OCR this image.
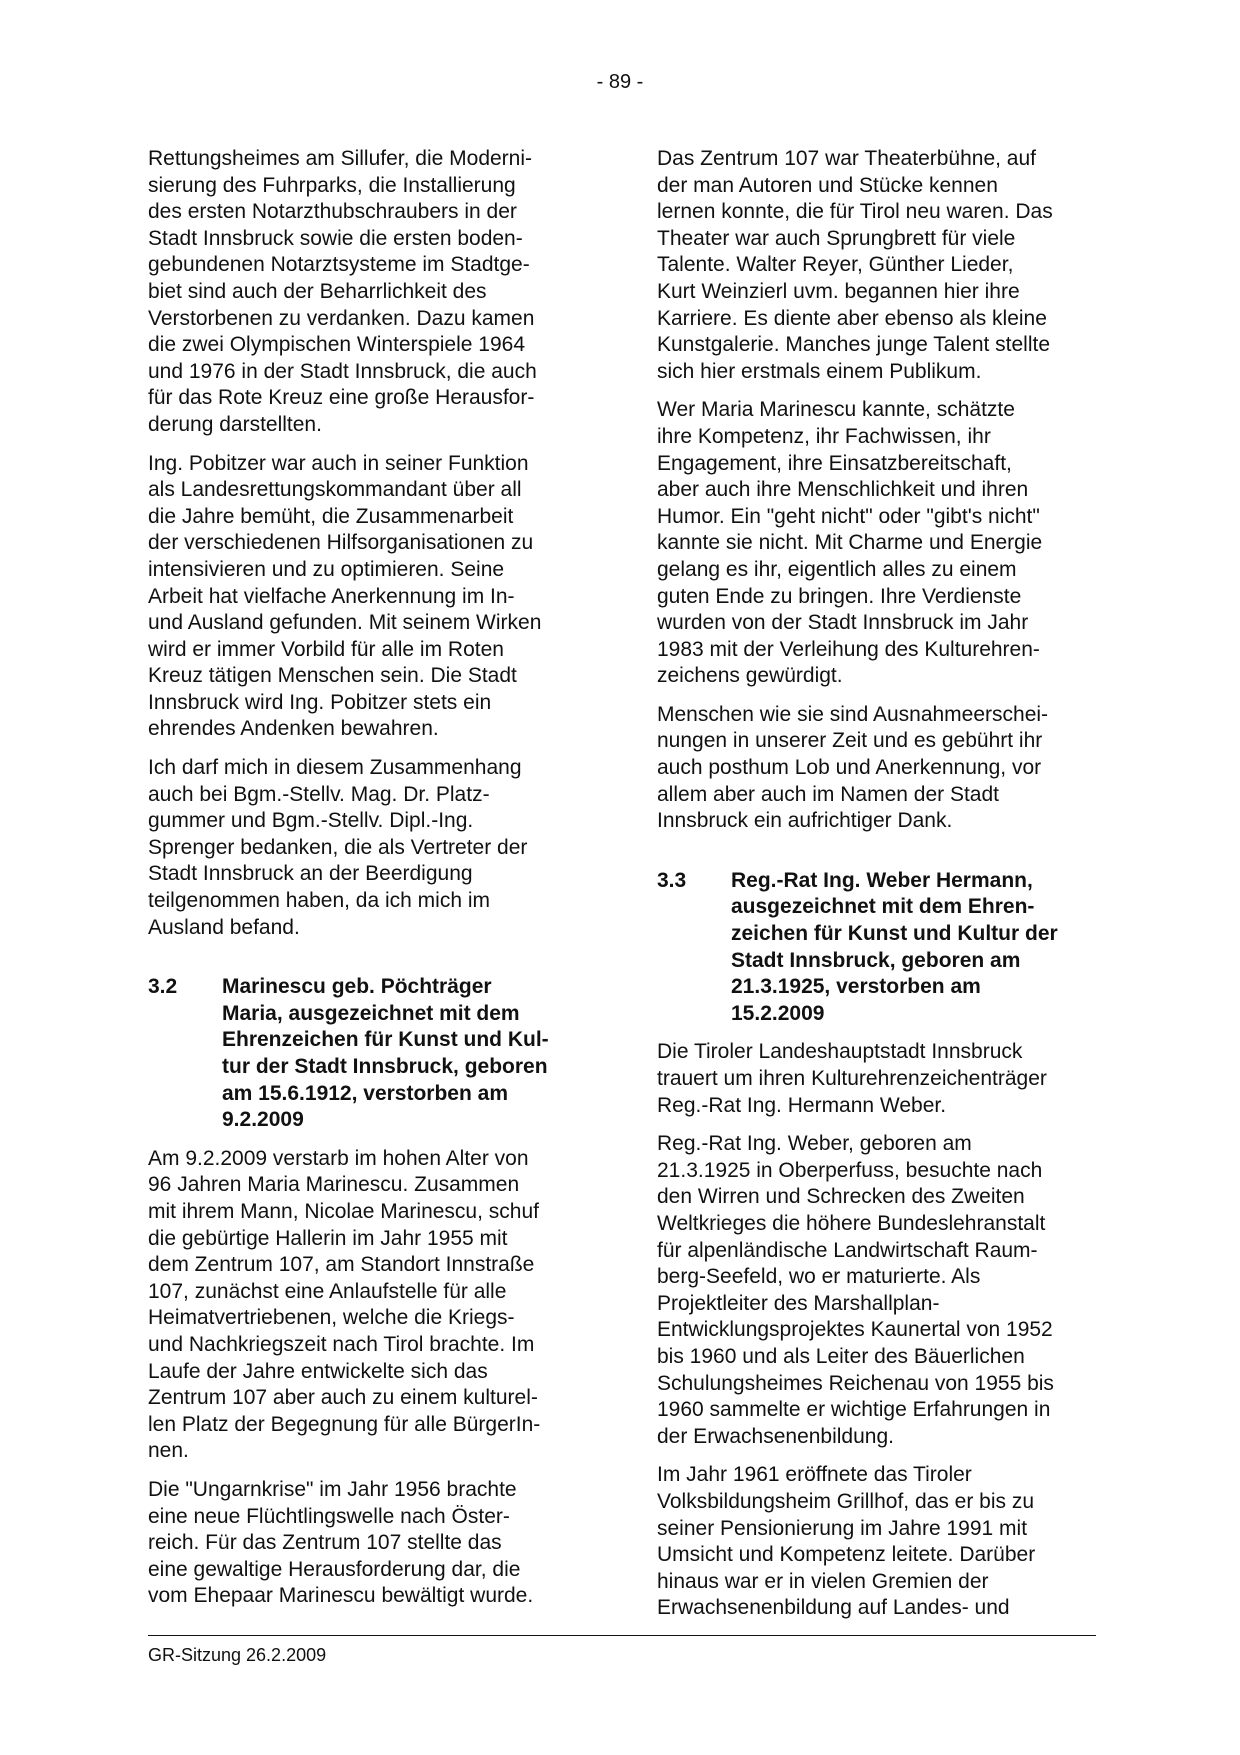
- 89 -

Rettungsheimes am Sillufer, die Moderni-
sierung des Fuhrparks, die Installierung
des ersten Notarzthubschraubers in der
Stadt Innsbruck sowie die ersten boden-
gebundenen Notarztsysteme im Stadtge-
biet sind auch der Beharrlichkeit des
Verstorbenen zu verdanken. Dazu kamen
die zwei Olympischen Winterspiele 1964
und 1976 in der Stadt Innsbruck, die auch
für das Rote Kreuz eine große Herausfor-
derung darstellten.

Ing. Pobitzer war auch in seiner Funktion
als Landesrettungskommandant über all
die Jahre bemüht, die Zusammenarbeit
der verschiedenen Hilfsorganisationen zu
intensivieren und zu optimieren. Seine
Arbeit hat vielfache Anerkennung im In-
und Ausland gefunden. Mit seinem Wirken
wird er immer Vorbild für alle im Roten
Kreuz tätigen Menschen sein. Die Stadt
Innsbruck wird Ing. Pobitzer stets ein
ehrendes Andenken bewahren.

Ich darf mich in diesem Zusammenhang
auch bei Bgm.-Stellv. Mag. Dr. Platz-
gummer und Bgm.-Stellv. Dipl.-Ing.
Sprenger bedanken, die als Vertreter der
Stadt Innsbruck an der Beerdigung
teilgenommen haben, da ich mich im
Ausland befand.

3.2	Marinescu geb. Pöchträger
Maria, ausgezeichnet mit dem
Ehrenzeichen für Kunst und Kul-
tur der Stadt Innsbruck, geboren
am 15.6.1912, verstorben am
9.2.2009

Am 9.2.2009 verstarb im hohen Alter von
96 Jahren Maria Marinescu. Zusammen
mit ihrem Mann, Nicolae Marinescu, schuf
die gebürtige Hallerin im Jahr 1955 mit
dem Zentrum 107, am Standort Innstraße
107, zunächst eine Anlaufstelle für alle
Heimatvertriebenen, welche die Kriegs-
und Nachkriegszeit nach Tirol brachte. Im
Laufe der Jahre entwickelte sich das
Zentrum 107 aber auch zu einem kulturel-
len Platz der Begegnung für alle BürgerIn-
nen.

Die "Ungarnkrise" im Jahr 1956 brachte
eine neue Flüchtlingswelle nach Öster-
reich. Für das Zentrum 107 stellte das
eine gewaltige Herausforderung dar, die
vom Ehepaar Marinescu bewältigt wurde.

Das Zentrum 107 war Theaterbühne, auf
der man Autoren und Stücke kennen
lernen konnte, die für Tirol neu waren. Das
Theater war auch Sprungbrett für viele
Talente. Walter Reyer, Günther Lieder,
Kurt Weinzierl uvm. begannen hier ihre
Karriere. Es diente aber ebenso als kleine
Kunstgalerie. Manches junge Talent stellte
sich hier erstmals einem Publikum.

Wer Maria Marinescu kannte, schätzte
ihre Kompetenz, ihr Fachwissen, ihr
Engagement, ihre Einsatzbereitschaft,
aber auch ihre Menschlichkeit und ihren
Humor. Ein "geht nicht" oder "gibt's nicht"
kannte sie nicht. Mit Charme und Energie
gelang es ihr, eigentlich alles zu einem
guten Ende zu bringen. Ihre Verdienste
wurden von der Stadt Innsbruck im Jahr
1983 mit der Verleihung des Kulturehren-
zeichens gewürdigt.

Menschen wie sie sind Ausnahmeerschei-
nungen in unserer Zeit und es gebührt ihr
auch posthum Lob und Anerkennung, vor
allem aber auch im Namen der Stadt
Innsbruck ein aufrichtiger Dank.

3.3	Reg.-Rat Ing. Weber Hermann,
ausgezeichnet mit dem Ehren-
zeichen für Kunst und Kultur der
Stadt Innsbruck, geboren am
21.3.1925, verstorben am
15.2.2009

Die Tiroler Landeshauptstadt Innsbruck
trauert um ihren Kulturehrenzeichenträger
Reg.-Rat Ing. Hermann Weber.

Reg.-Rat Ing. Weber, geboren am
21.3.1925 in Oberperfuss, besuchte nach
den Wirren und Schrecken des Zweiten
Weltkrieges die höhere Bundeslehranstalt
für alpenländische Landwirtschaft Raum-
berg-Seefeld, wo er maturierte. Als
Projektleiter des Marshallplan-
Entwicklungsprojektes Kaunertal von 1952
bis 1960 und als Leiter des Bäuerlichen
Schulungsheimes Reichenau von 1955 bis
1960 sammelte er wichtige Erfahrungen in
der Erwachsenenbildung.

Im Jahr 1961 eröffnete das Tiroler
Volksbildungsheim Grillhof, das er bis zu
seiner Pensionierung im Jahre 1991 mit
Umsicht und Kompetenz leitete. Darüber
hinaus war er in vielen Gremien der
Erwachsenenbildung auf Landes- und

GR-Sitzung 26.2.2009
